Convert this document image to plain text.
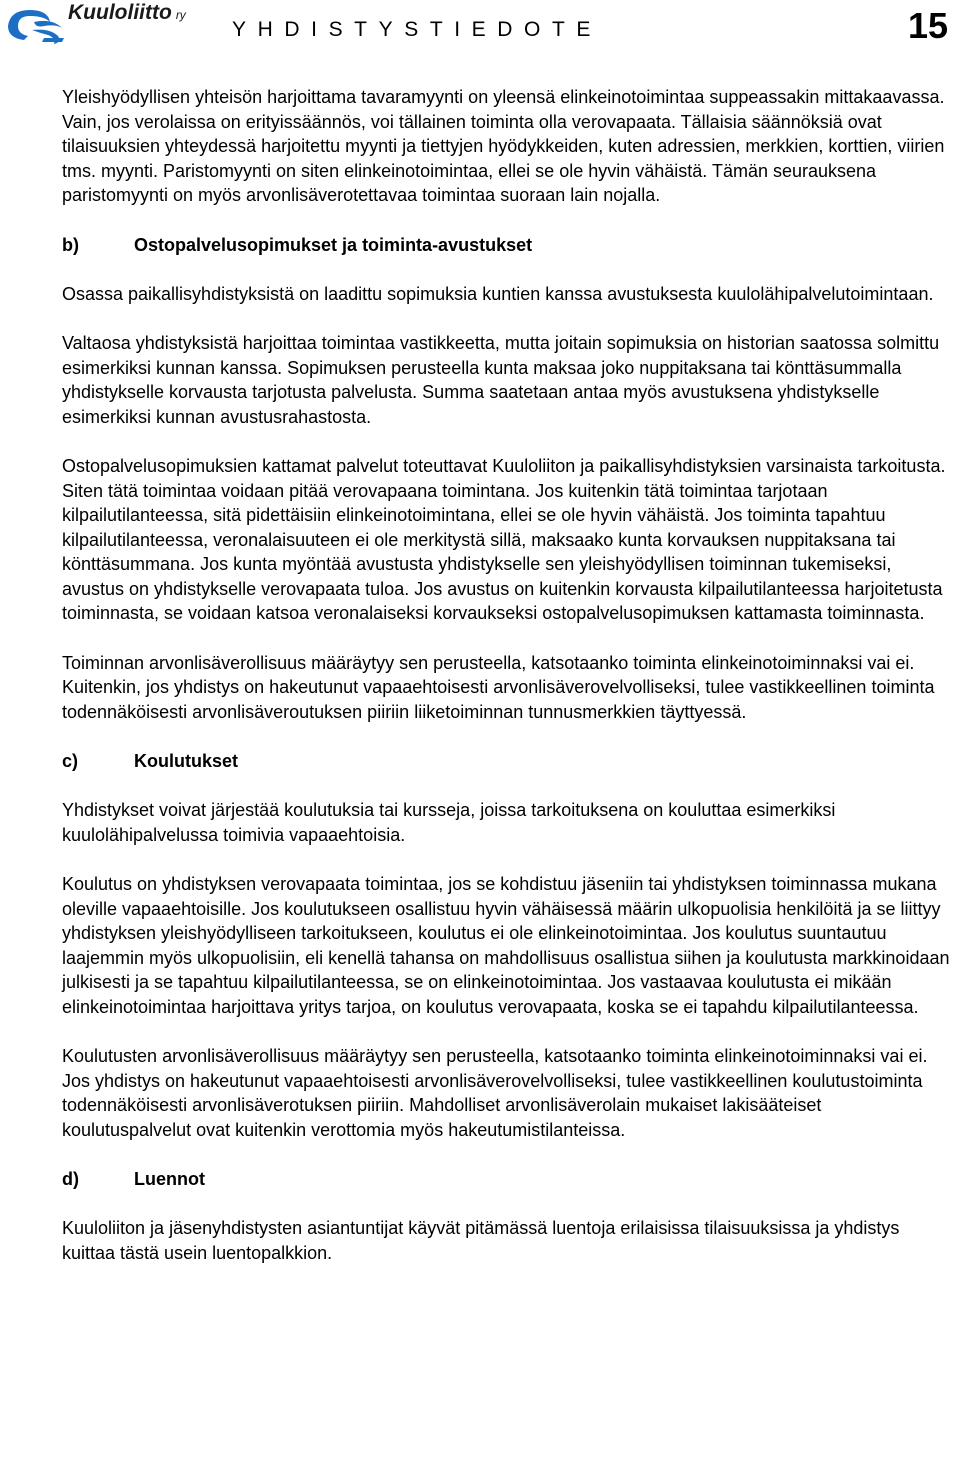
Kuuloliitto ry
YHDISTYSTIEDOTE	15

Yleishyödyllisen yhteisön harjoittama tavaramyynti on yleensä elinkeinotoimintaa suppeassakin mittakaavassa. Vain, jos verolaissa on erityissäännös, voi tällainen toiminta olla verovapaata. Tällaisia säännöksiä ovat tilaisuuksien yhteydessä harjoitettu myynti ja tiettyjen hyödykkeiden, kuten adressien, merkkien, korttien, viirien tms. myynti. Paristomyynti on siten elinkeinotoimintaa, ellei se ole hyvin vähäistä. Tämän seurauksena paristomyynti on myös arvonlisäverotettavaa toimintaa suoraan lain nojalla.

b)	Ostopalvelusopimukset ja toiminta-avustukset

Osassa paikallisyhdistyksistä on laadittu sopimuksia kuntien kanssa avustuksesta kuulolähipalvelutoimintaan.

Valtaosa yhdistyksistä harjoittaa toimintaa vastikkeetta, mutta joitain sopimuksia on historian saatossa solmittu esimerkiksi kunnan kanssa. Sopimuksen perusteella kunta maksaa joko nuppitaksana tai könttäsummalla yhdistykselle korvausta tarjotusta palvelusta. Summa saatetaan antaa myös avustuksena yhdistykselle esimerkiksi kunnan avustusrahastosta.

Ostopalvelusopimuksien kattamat palvelut toteuttavat Kuuloliiton ja paikallisyhdistyksien varsinaista tarkoitusta. Siten tätä toimintaa voidaan pitää verovapaana toimintana. Jos kuitenkin tätä toimintaa tarjotaan kilpailutilanteessa, sitä pidettäisiin elinkeinotoimintana, ellei se ole hyvin vähäistä. Jos toiminta tapahtuu kilpailutilanteessa, veronalaisuuteen ei ole merkitystä sillä, maksaako kunta korvauksen nuppitaksana tai könttäsummana. Jos kunta myöntää avustusta yhdistykselle sen yleishyödyllisen toiminnan tukemiseksi, avustus on yhdistykselle verovapaata tuloa. Jos avustus on kuitenkin korvausta kilpailutilanteessa harjoitetusta toiminnasta, se voidaan katsoa veronalaiseksi korvaukseksi ostopalvelusopimuksen kattamasta toiminnasta.

Toiminnan arvonlisäverollisuus määräytyy sen perusteella, katsotaanko toiminta elinkeinotoiminnaksi vai ei. Kuitenkin, jos yhdistys on hakeutunut vapaaehtoisesti arvonlisäverovelvolliseksi, tulee vastikkeellinen toiminta todennäköisesti arvonlisäveroutuksen piiriin liiketoiminnan tunnusmerkkien täyttyessä.

c)	Koulutukset

Yhdistykset voivat järjestää koulutuksia tai kursseja, joissa tarkoituksena on kouluttaa esimerkiksi kuulolähipalvelussa toimivia vapaaehtoisia.

Koulutus on yhdistyksen verovapaata toimintaa, jos se kohdistuu jäseniin tai yhdistyksen toiminnassa mukana oleville vapaaehtoisille. Jos koulutukseen osallistuu hyvin vähäisessä määrin ulkopuolisia henkilöitä ja se liittyy yhdistyksen yleishyödylliseen tarkoitukseen, koulutus ei ole elinkeinotoimintaa. Jos koulutus suuntautuu laajemmin myös ulkopuolisiin, eli kenellä tahansa on mahdollisuus osallistua siihen ja koulutusta markkinoidaan julkisesti ja se tapahtuu kilpailutilanteessa, se on elinkeinotoimintaa. Jos vastaavaa koulutusta ei mikään elinkeinotoimintaa harjoittava yritys tarjoa, on koulutus verovapaata, koska se ei tapahdu kilpailutilanteessa.

Koulutusten arvonlisäverollisuus määräytyy sen perusteella, katsotaanko toiminta elinkeinotoiminnaksi vai ei. Jos yhdistys on hakeutunut vapaaehtoisesti arvonlisäverovelvolliseksi, tulee vastikkeellinen koulutustoiminta todennäköisesti arvonlisäverotuksen piiriin. Mahdolliset arvonlisäverolain mukaiset lakisääteiset koulutuspalvelut ovat kuitenkin verottomia myös hakeutumistilanteissa.

d)	Luennot

Kuuloliiton ja jäsenyhdistysten asiantuntijat käyvät pitämässä luentoja erilaisissa tilaisuuksissa ja yhdistys kuittaa tästä usein luentopalkkion.
